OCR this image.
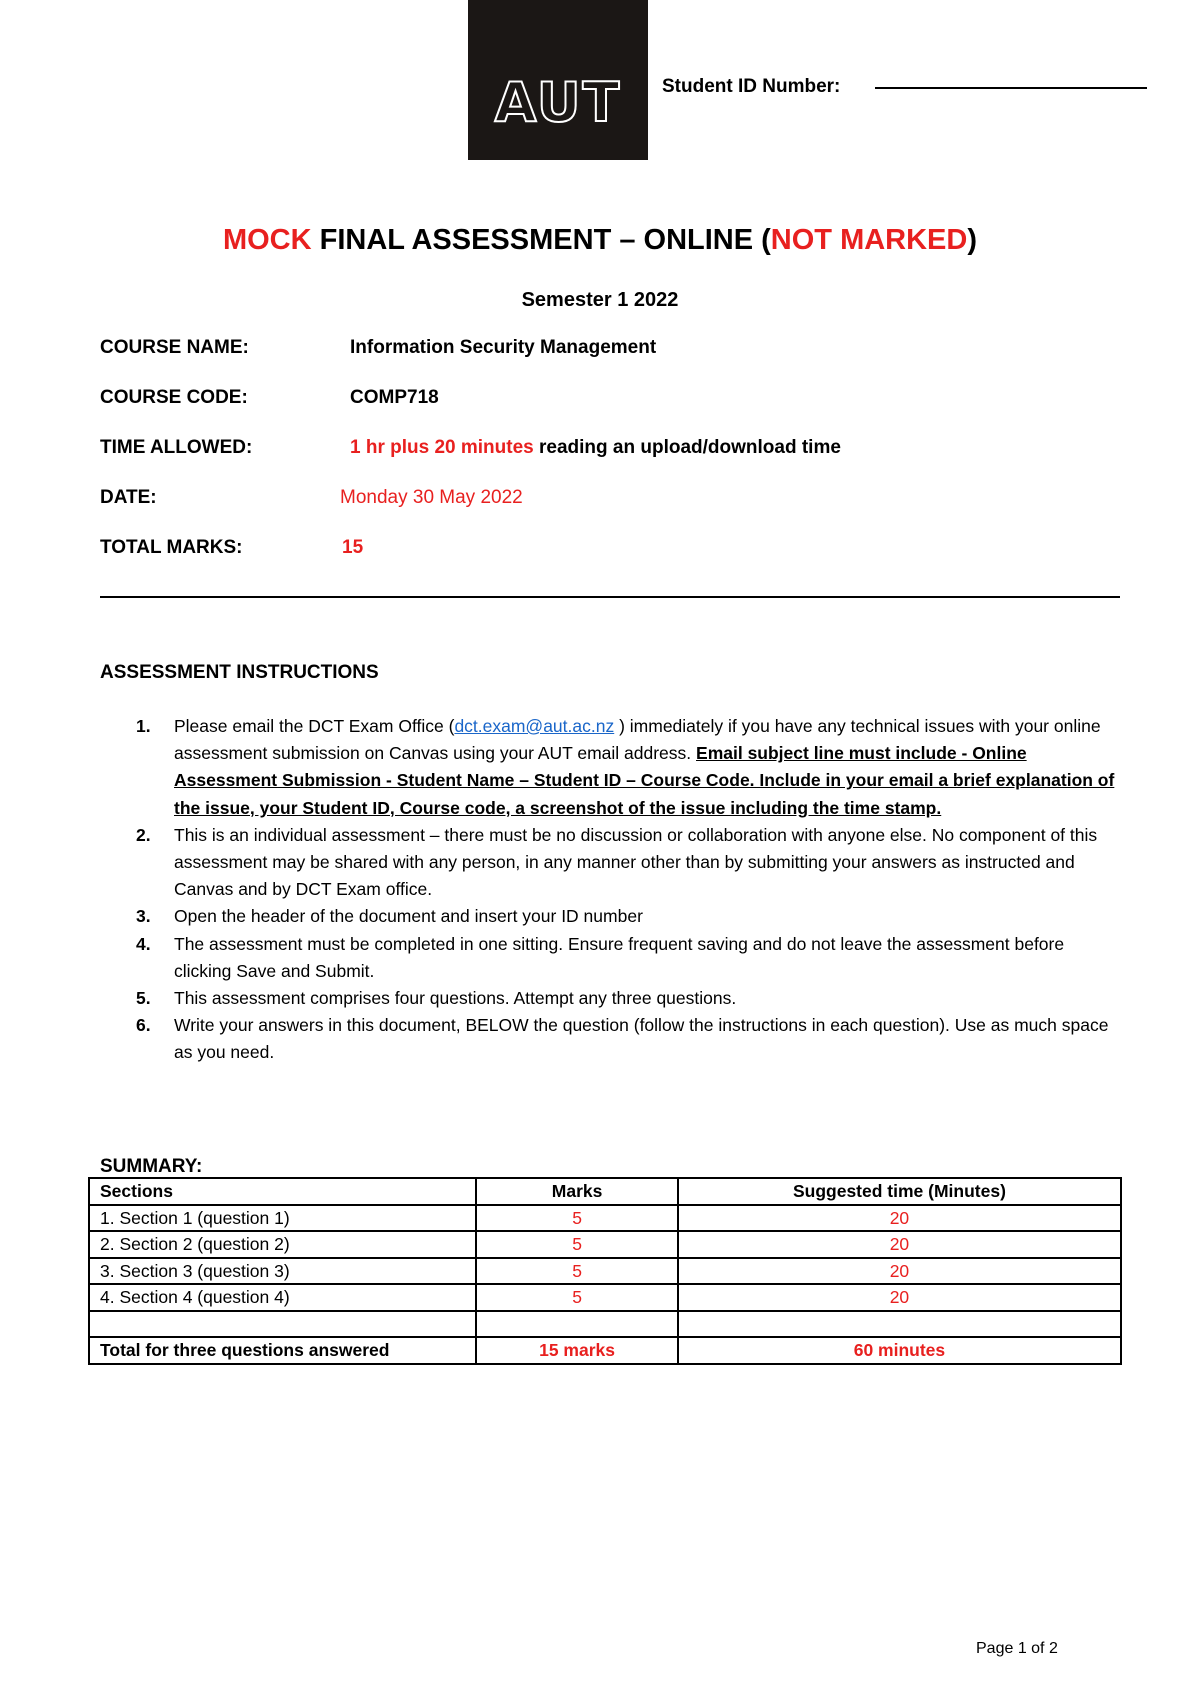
AUT	Student ID Number:
MOCK FINAL ASSESSMENT – ONLINE (NOT MARKED)
Semester 1 2022
COURSE NAME:	Information Security Management
COURSE CODE:	COMP718
TIME ALLOWED:	1 hr plus 20 minutes reading an upload/download time
DATE:	Monday 30 May 2022
TOTAL MARKS:	15
ASSESSMENT INSTRUCTIONS
1. Please email the DCT Exam Office (dct.exam@aut.ac.nz ) immediately if you have any technical issues with your online assessment submission on Canvas using your AUT email address. Email subject line must include - Online Assessment Submission - Student Name – Student ID – Course Code. Include in your email a brief explanation of the issue, your Student ID, Course code, a screenshot of the issue including the time stamp.
2. This is an individual assessment – there must be no discussion or collaboration with anyone else. No component of this assessment may be shared with any person, in any manner other than by submitting your answers as instructed and Canvas and by DCT Exam office.
3. Open the header of the document and insert your ID number
4. The assessment must be completed in one sitting. Ensure frequent saving and do not leave the assessment before clicking Save and Submit.
5. This assessment comprises four questions. Attempt any three questions.
6. Write your answers in this document, BELOW the question (follow the instructions in each question). Use as much space as you need.
SUMMARY:
Sections	Marks	Suggested time (Minutes)
1. Section 1 (question 1)	5	20
2. Section 2 (question 2)	5	20
3. Section 3 (question 3)	5	20
4. Section 4 (question 4)	5	20

Total for three questions answered	15 marks	60 minutes
Page 1 of 2
